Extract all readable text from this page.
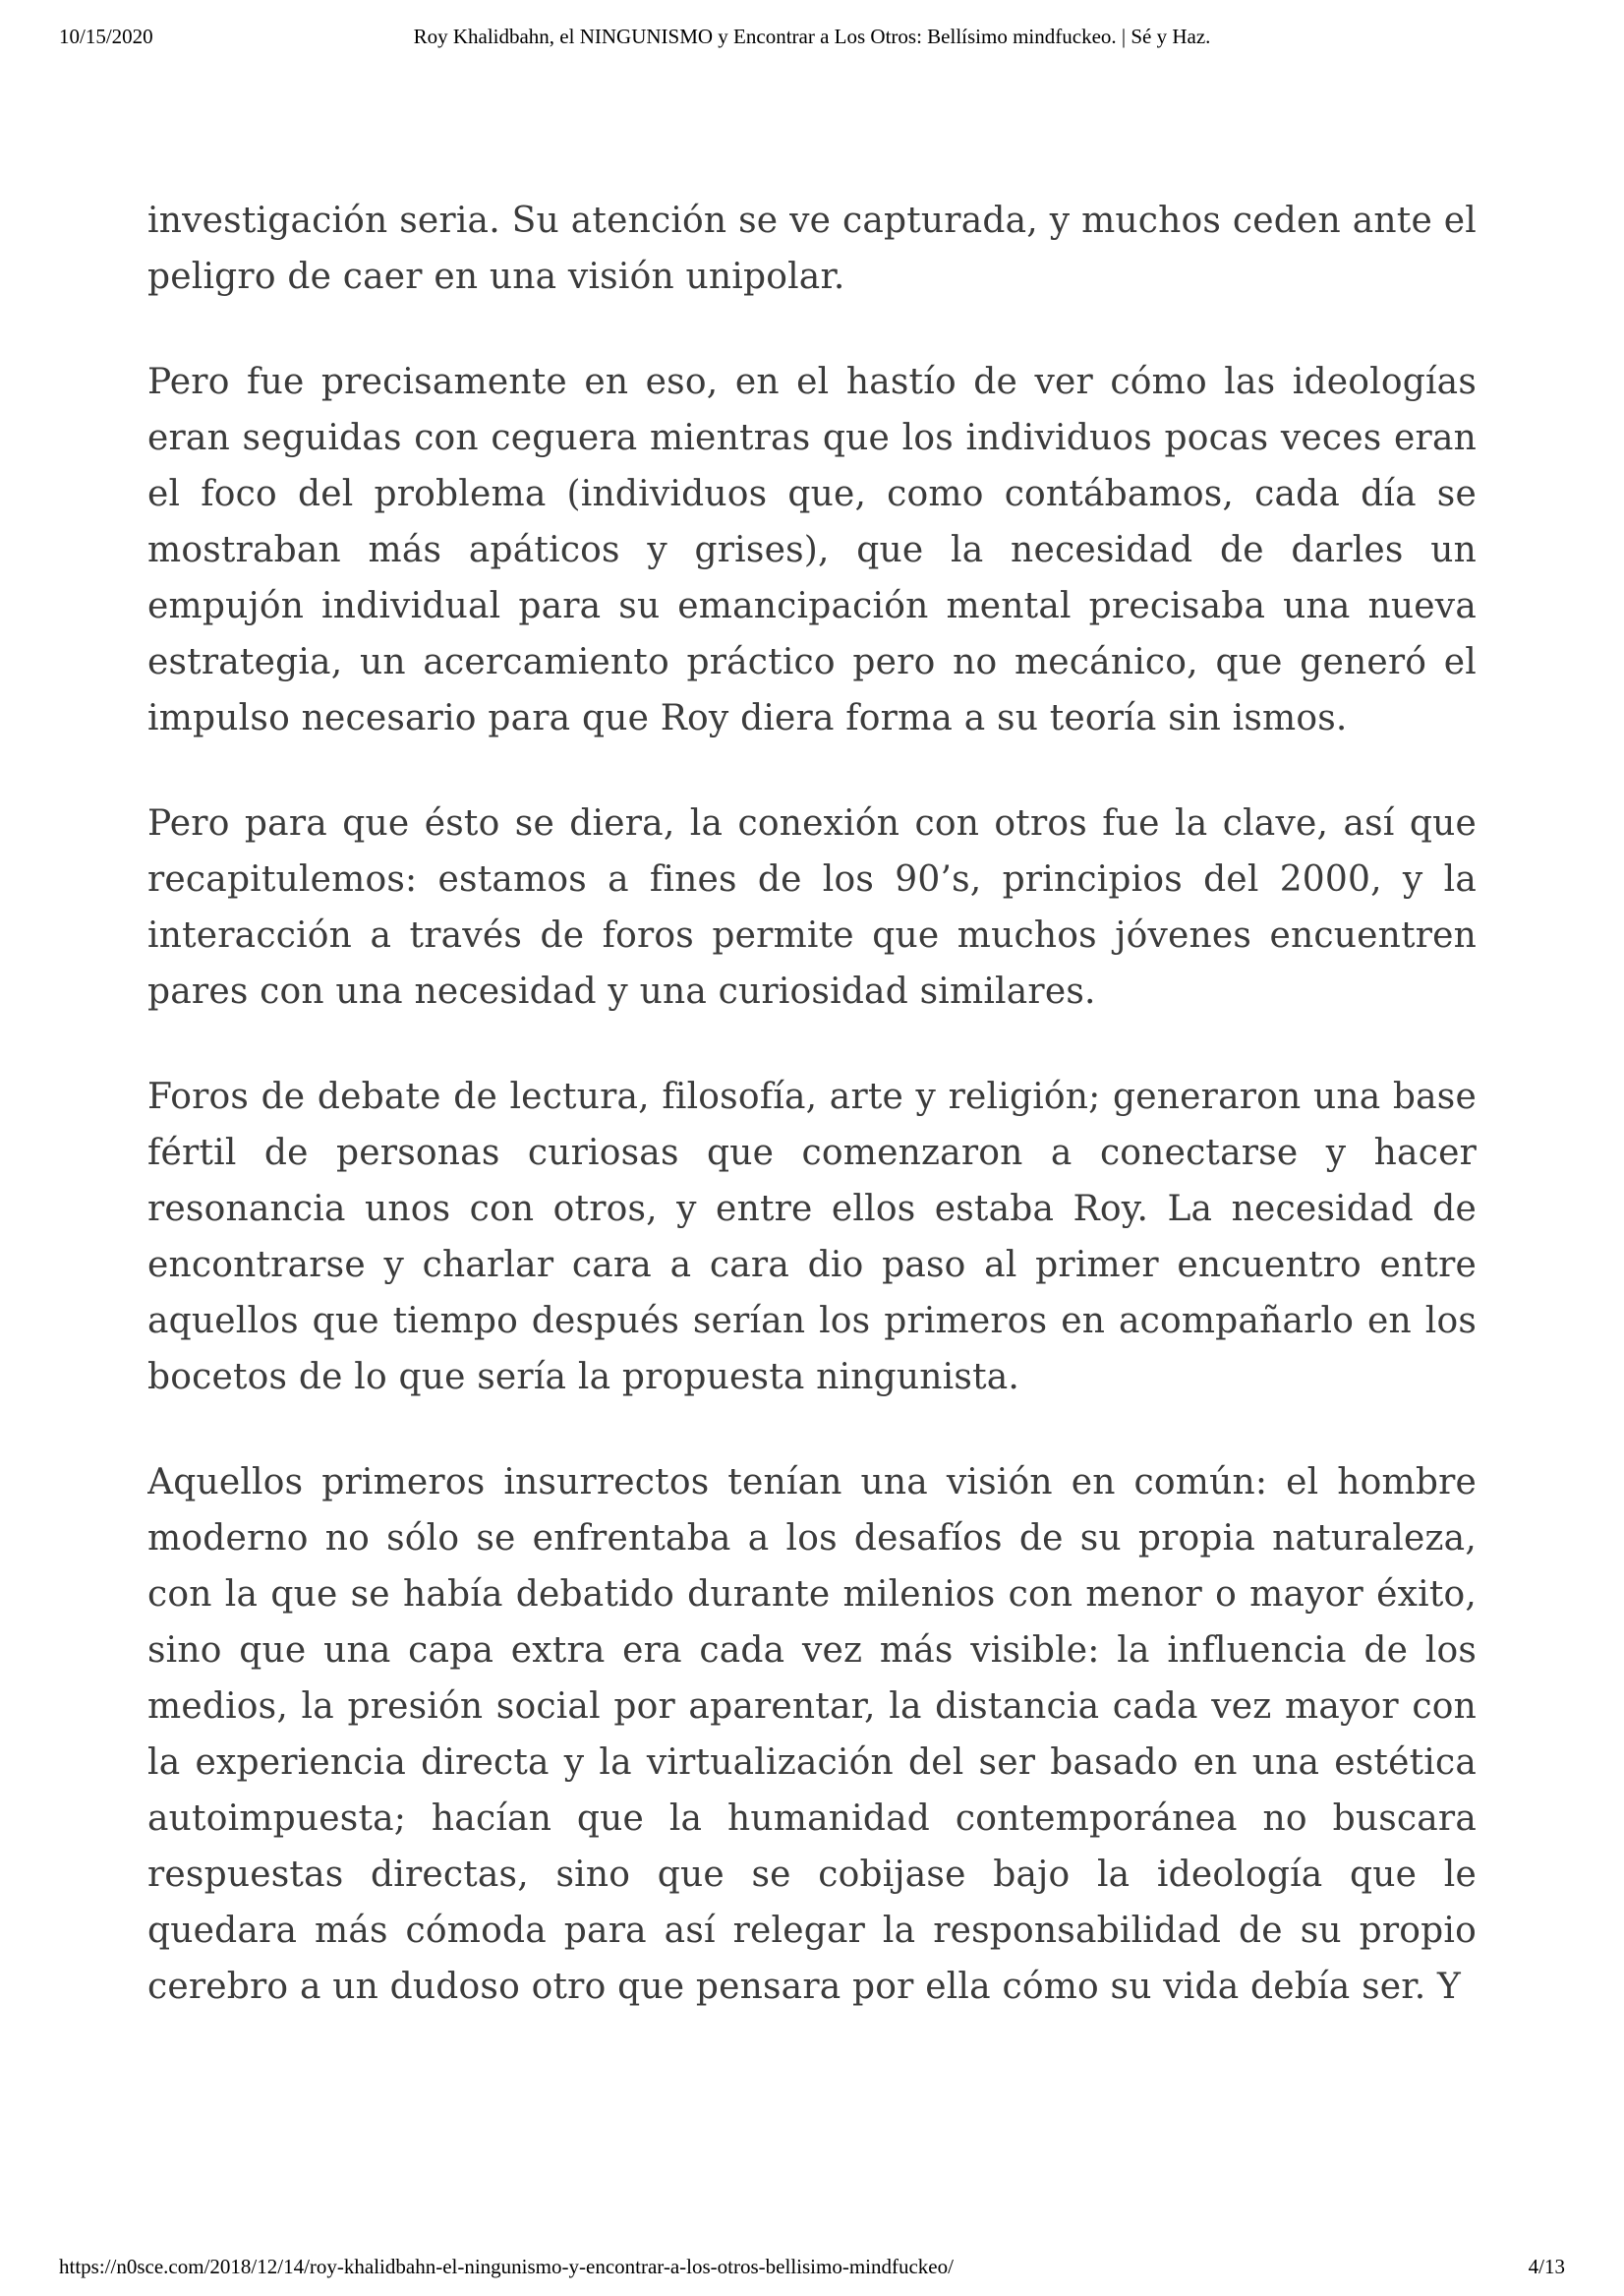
10/15/2020	Roy Khalidbahn, el NINGUNISMO y Encontrar a Los Otros: Bellísimo mindfuckeo. | Sé y Haz.

investigación seria. Su atención se ve capturada, y muchos ceden ante el peligro de caer en una visión unipolar.

Pero fue precisamente en eso, en el hastío de ver cómo las ideologías eran seguidas con ceguera mientras que los individuos pocas veces eran el foco del problema (individuos que, como contábamos, cada día se mostraban más apáticos y grises), que la necesidad de darles un empujón individual para su emancipación mental precisaba una nueva estrategia, un acercamiento práctico pero no mecánico, que generó el impulso necesario para que Roy diera forma a su teoría sin ismos.

Pero para que ésto se diera, la conexión con otros fue la clave, así que recapitulemos: estamos a fines de los 90’s, principios del 2000, y la interacción a través de foros permite que muchos jóvenes encuentren pares con una necesidad y una curiosidad similares.

Foros de debate de lectura, filosofía, arte y religión; generaron una base fértil de personas curiosas que comenzaron a conectarse y hacer resonancia unos con otros, y entre ellos estaba Roy. La necesidad de encontrarse y charlar cara a cara dio paso al primer encuentro entre aquellos que tiempo después serían los primeros en acompañarlo en los bocetos de lo que sería la propuesta ningunista.

Aquellos primeros insurrectos tenían una visión en común: el hombre moderno no sólo se enfrentaba a los desafíos de su propia naturaleza, con la que se había debatido durante milenios con menor o mayor éxito, sino que una capa extra era cada vez más visible: la influencia de los medios, la presión social por aparentar, la distancia cada vez mayor con la experiencia directa y la virtualización del ser basado en una estética autoimpuesta; hacían que la humanidad contemporánea no buscara respuestas directas, sino que se cobijase bajo la ideología que le quedara más cómoda para así relegar la responsabilidad de su propio cerebro a un dudoso otro que pensara por ella cómo su vida debía ser. Y

https://n0sce.com/2018/12/14/roy-khalidbahn-el-ningunismo-y-encontrar-a-los-otros-bellisimo-mindfuckeo/	4/13
